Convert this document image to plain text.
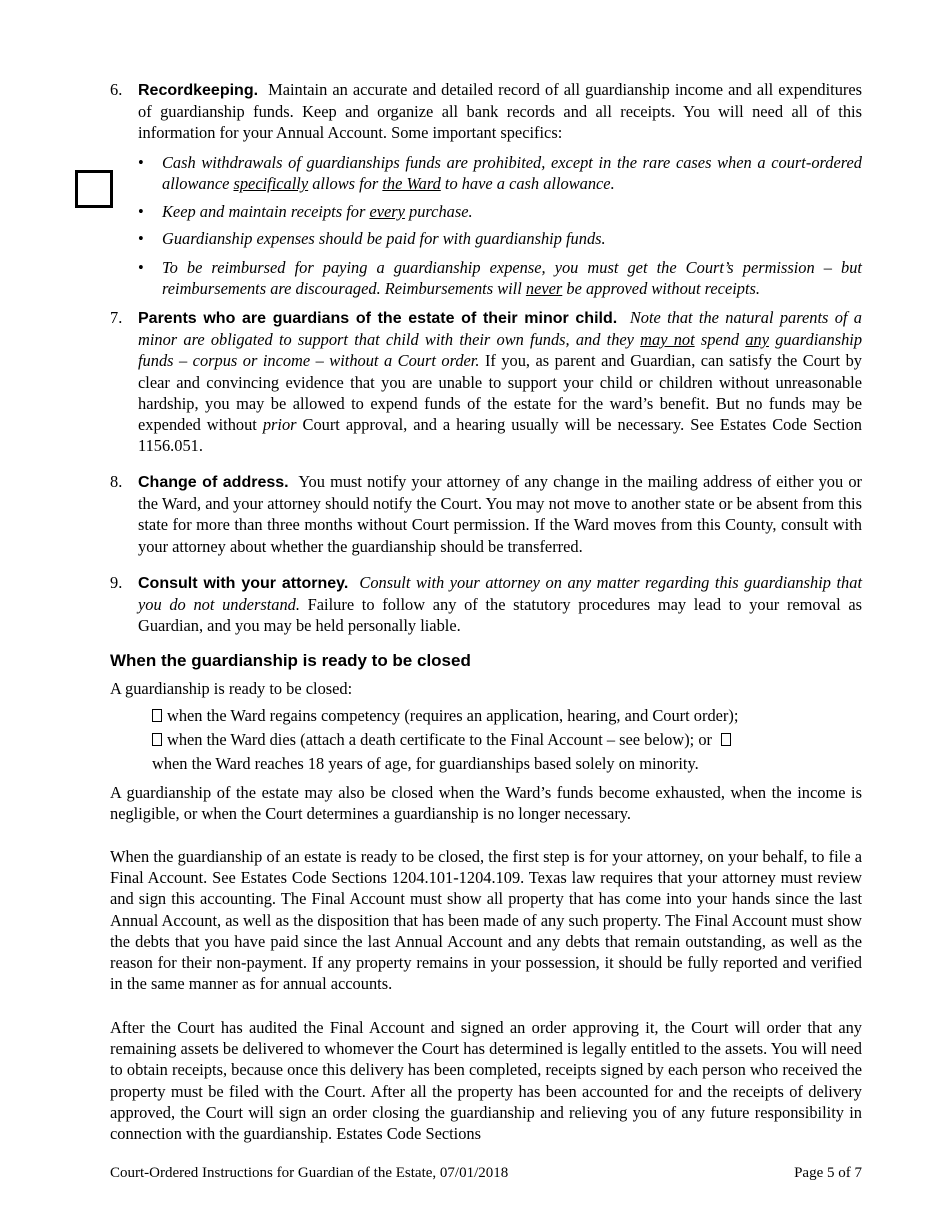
6. Recordkeeping. Maintain an accurate and detailed record of all guardianship income and all expenditures of guardianship funds. Keep and organize all bank records and all receipts. You will need all of this information for your Annual Account. Some important specifics:
• Cash withdrawals of guardianships funds are prohibited, except in the rare cases when a court-ordered allowance specifically allows for the Ward to have a cash allowance.
• Keep and maintain receipts for every purchase.
• Guardianship expenses should be paid for with guardianship funds.
• To be reimbursed for paying a guardianship expense, you must get the Court’s permission – but reimbursements are discouraged. Reimbursements will never be approved without receipts.
7. Parents who are guardians of the estate of their minor child. Note that the natural parents of a minor are obligated to support that child with their own funds, and they may not spend any guardianship funds – corpus or income – without a Court order. If you, as parent and Guardian, can satisfy the Court by clear and convincing evidence that you are unable to support your child or children without unreasonable hardship, you may be allowed to expend funds of the estate for the ward’s benefit. But no funds may be expended without prior Court approval, and a hearing usually will be necessary. See Estates Code Section 1156.051.
8. Change of address. You must notify your attorney of any change in the mailing address of either you or the Ward, and your attorney should notify the Court. You may not move to another state or be absent from this state for more than three months without Court permission. If the Ward moves from this County, consult with your attorney about whether the guardianship should be transferred.
9. Consult with your attorney. Consult with your attorney on any matter regarding this guardianship that you do not understand. Failure to follow any of the statutory procedures may lead to your removal as Guardian, and you may be held personally liable.
When the guardianship is ready to be closed
A guardianship is ready to be closed:
when the Ward regains competency (requires an application, hearing, and Court order);
when the Ward dies (attach a death certificate to the Final Account – see below); or
when the Ward reaches 18 years of age, for guardianships based solely on minority.
A guardianship of the estate may also be closed when the Ward’s funds become exhausted, when the income is negligible, or when the Court determines a guardianship is no longer necessary.
When the guardianship of an estate is ready to be closed, the first step is for your attorney, on your behalf, to file a Final Account. See Estates Code Sections 1204.101-1204.109. Texas law requires that your attorney must review and sign this accounting. The Final Account must show all property that has come into your hands since the last Annual Account, as well as the disposition that has been made of any such property. The Final Account must show the debts that you have paid since the last Annual Account and any debts that remain outstanding, as well as the reason for their non-payment. If any property remains in your possession, it should be fully reported and verified in the same manner as for annual accounts.
After the Court has audited the Final Account and signed an order approving it, the Court will order that any remaining assets be delivered to whomever the Court has determined is legally entitled to the assets. You will need to obtain receipts, because once this delivery has been completed, receipts signed by each person who received the property must be filed with the Court. After all the property has been accounted for and the receipts of delivery approved, the Court will sign an order closing the guardianship and relieving you of any future responsibility in connection with the guardianship. Estates Code Sections
Court-Ordered Instructions for Guardian of the Estate, 07/01/2018	Page 5 of 7
